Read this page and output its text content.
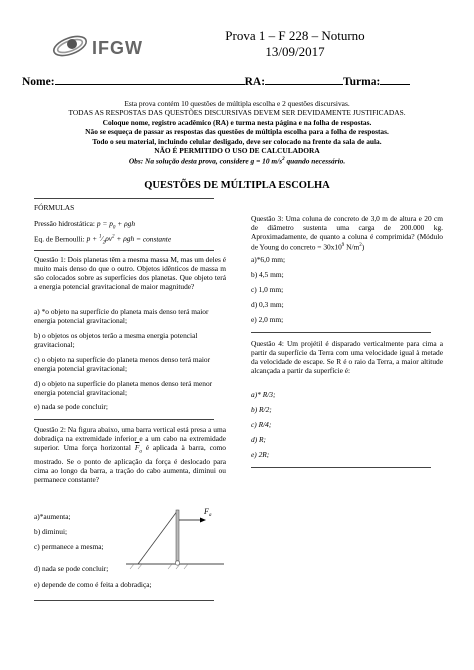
IFGW
Prova 1 – F 228 – Noturno
13/09/2017
Nome:	RA:	Turma:
Esta prova contém 10 questões de múltipla escolha e 2 questões discursivas.
TODAS AS RESPOSTAS DAS QUESTÕES DISCURSIVAS DEVEM SER DEVIDAMENTE JUSTIFICADAS.
Coloque nome, registro acadêmico (RA) e turma nesta página e na folha de respostas.
Não se esqueça de passar as respostas das questões de múltipla escolha para a folha de respostas.
Todo o seu material, incluindo celular desligado, deve ser colocado na frente da sala de aula.
NÃO É PERMITIDO O USO DE CALCULADORA
Obs: Na solução desta prova, considere g = 10 $m/s^2$ quando necessário.
QUESTÕES DE MÚLTIPLA ESCOLHA
FÓRMULAS
Pressão hidrostática: $p = p_0 + \rho gh$
Eq. de Bernoulli: $p + ^1⁄_2\rho v^2 + \rho gh$ = constante
Questão 1: Dois planetas têm a mesma massa M, mas um deles é muito mais denso do que o outro. Objetos idênticos de massa m são colocados sobre as superfícies dos planetas. Que objeto terá a energia potencial gravitacional de maior magnitude?
a) *o objeto na superfície do planeta mais denso terá maior energia potencial gravitacional;
b) o objetos os objetos terão a mesma energia potencial gravitacional;
c) o objeto na superfície do planeta menos denso terá maior energia potencial gravitacional;
d) o objeto na superfície do planeta menos denso terá menor energia potencial gravitacional;
e) nada se pode concluir;
Questão 2: Na figura abaixo, uma barra vertical está presa a uma dobradiça na extremidade inferior e a um cabo na extremidade superior. Uma força horizontal $\overline{F}_a$ é aplicada à barra, como mostrado. Se o ponto de aplicação da força é deslocado para cima ao longo da barra, a tração do cabo aumenta, diminui ou permanece constante?
F a
a)*aumenta;
b) diminui;
c) permanece a mesma;
d) nada se pode concluir;
e) depende de como é feita a dobradiça;
Questão 3: Uma coluna de concreto de 3,0 m de altura e 20 cm de diâmetro sustenta uma carga de 200.000 kg. Aproximadamente, de quanto a coluna é comprimida? (Módulo de Young do concreto = $30x10^9$ $N/m^2$)
a)*6,0 mm;
b) 4,5 mm;
c) 1,0 mm;
d) 0,3 mm;
e) 2,0 mm;
Questão 4: Um projétil é disparado verticalmente para cima a partir da superfície da Terra com uma velocidade igual à metade da velocidade de escape. Se R é o raio da Terra, a maior altitude alcançada a partir da superfície é:
a)* R/3;
b) R/2;
c) R/4;
d) R;
e) 2R;
